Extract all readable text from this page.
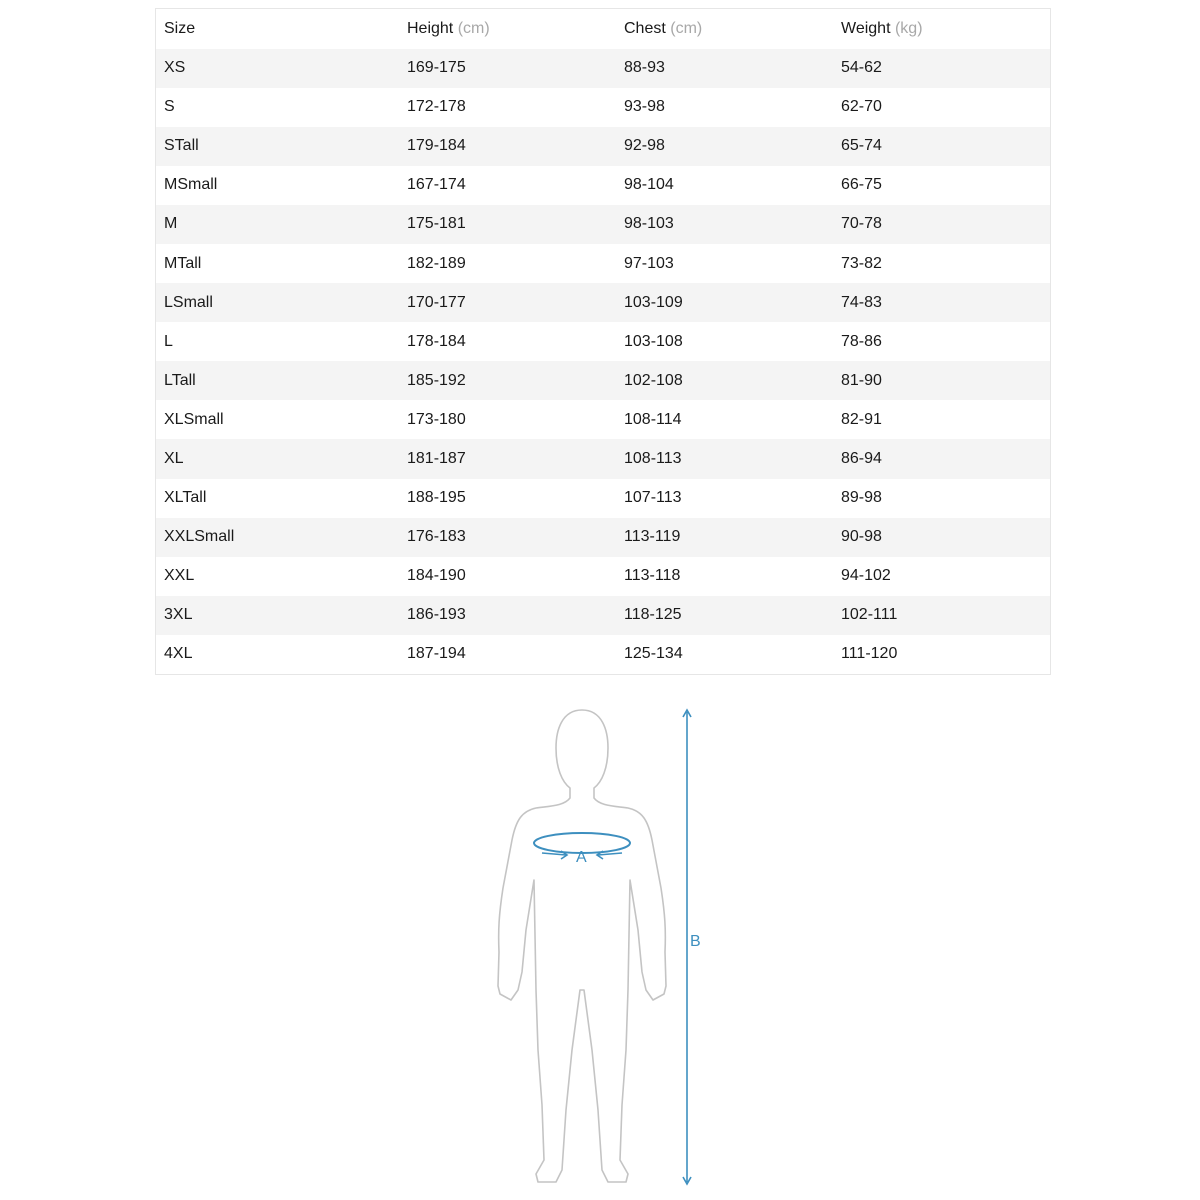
Size	Height (cm)	Chest (cm)	Weight (kg)
XS	169-175	88-93	54-62
S	172-178	93-98	62-70
STall	179-184	92-98	65-74
MSmall	167-174	98-104	66-75
M	175-181	98-103	70-78
MTall	182-189	97-103	73-82
LSmall	170-177	103-109	74-83
L	178-184	103-108	78-86
LTall	185-192	102-108	81-90
XLSmall	173-180	108-114	82-91
XL	181-187	108-113	86-94
XLTall	188-195	107-113	89-98
XXLSmall	176-183	113-119	90-98
XXL	184-190	113-118	94-102
3XL	186-193	118-125	102-111
4XL	187-194	125-134	111-120
A
B
